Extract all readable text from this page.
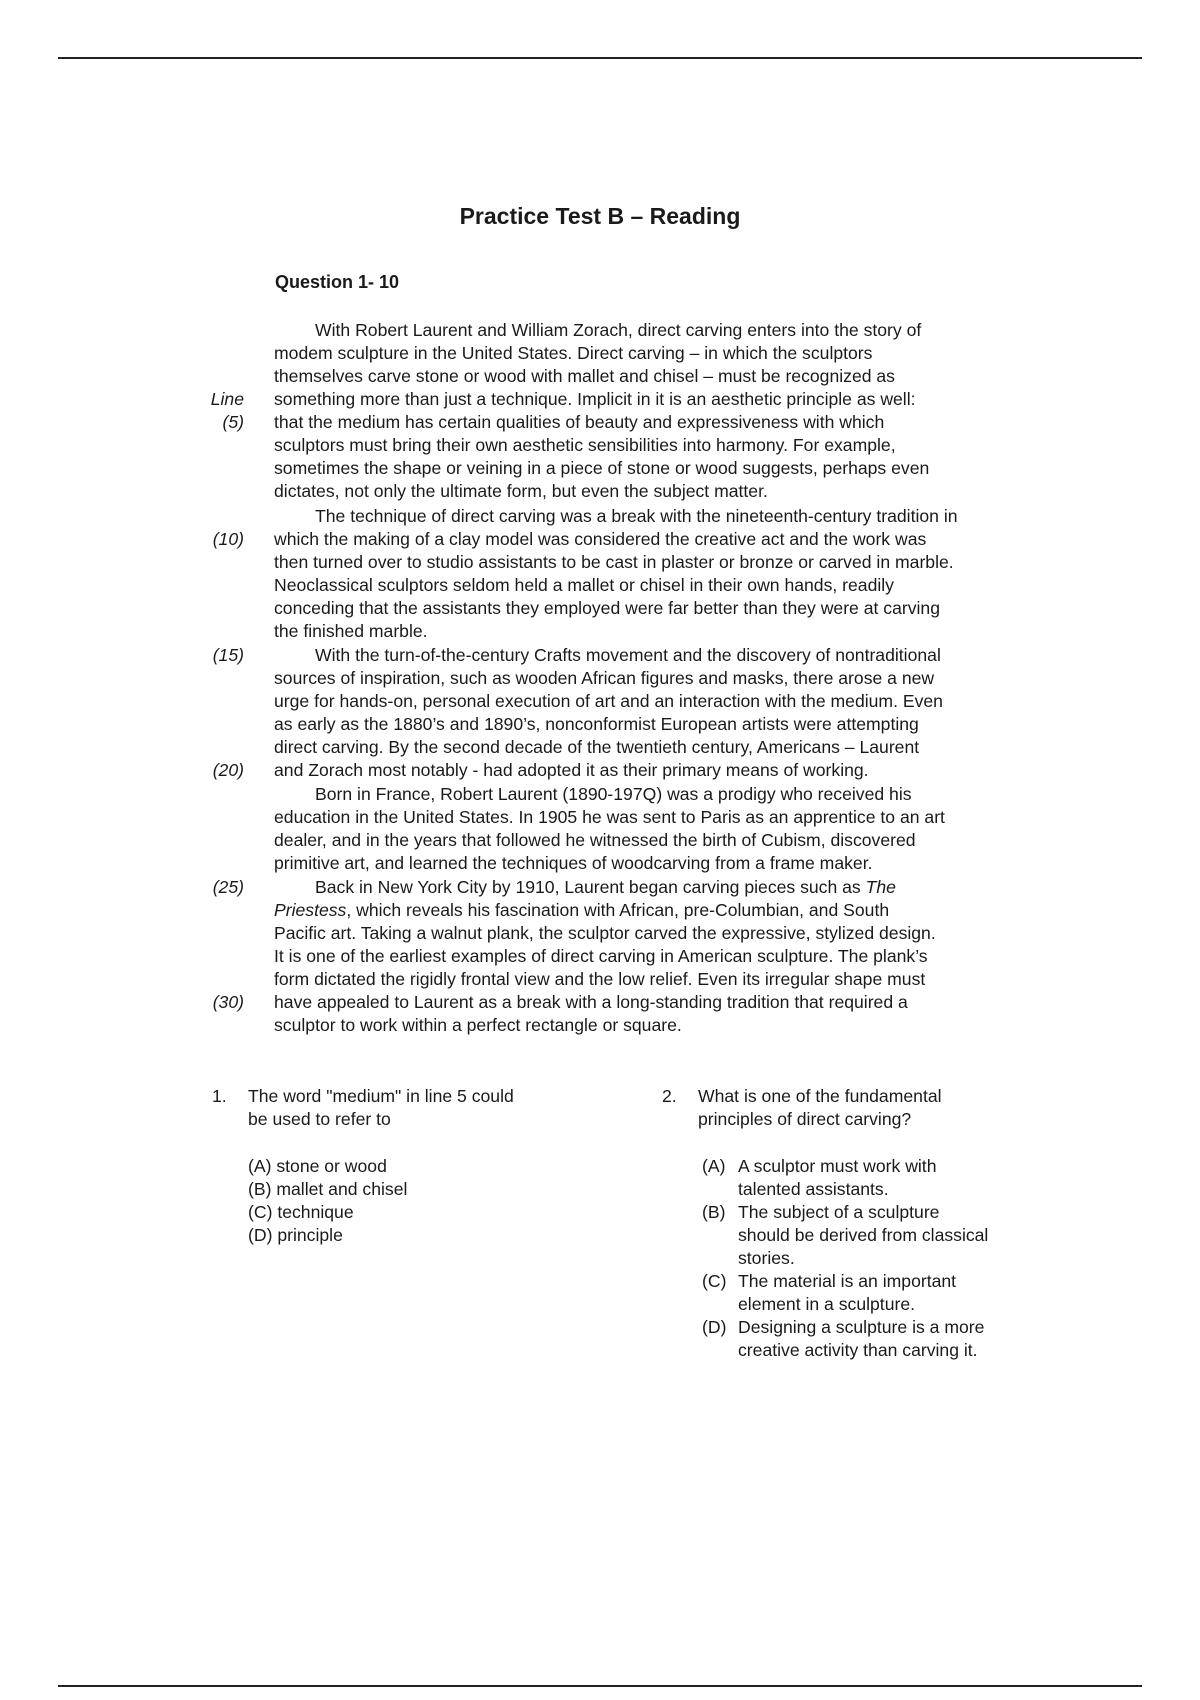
Practice Test B – Reading
Question 1- 10
With Robert Laurent and William Zorach, direct carving enters into the story of
modem sculpture in the United States. Direct carving – in which the sculptors
themselves carve stone or wood with mallet and chisel – must be recognized as
something more than just a technique. Implicit in it is an aesthetic principle as well:
that the medium has certain qualities of beauty and expressiveness with which
sculptors must bring their own aesthetic sensibilities into harmony. For example,
sometimes the shape or veining in a piece of stone or wood suggests, perhaps even
dictates, not only the ultimate form, but even the subject matter.
The technique of direct carving was a break with the nineteenth-century tradition in
which the making of a clay model was considered the creative act and the work was
then turned over to studio assistants to be cast in plaster or bronze or carved in marble.
Neoclassical sculptors seldom held a mallet or chisel in their own hands, readily
conceding that the assistants they employed were far better than they were at carving
the finished marble.
With the turn-of-the-century Crafts movement and the discovery of nontraditional
sources of inspiration, such as wooden African figures and masks, there arose a new
urge for hands-on, personal execution of art and an interaction with the medium. Even
as early as the 1880’s and 1890’s, nonconformist European artists were attempting
direct carving. By the second decade of the twentieth century, Americans – Laurent
and Zorach most notably - had adopted it as their primary means of working.
Born in France, Robert Laurent (1890-197Q) was a prodigy who received his
education in the United States. In 1905 he was sent to Paris as an apprentice to an art
dealer, and in the years that followed he witnessed the birth of Cubism, discovered
primitive art, and learned the techniques of woodcarving from a frame maker.
Back in New York City by 1910, Laurent began carving pieces such as The
Priestess, which reveals his fascination with African, pre-Columbian, and South
Pacific art. Taking a walnut plank, the sculptor carved the expressive, stylized design.
It is one of the earliest examples of direct carving in American sculpture. The plank’s
form dictated the rigidly frontal view and the low relief. Even its irregular shape must
have appealed to Laurent as a break with a long-standing tradition that required a
sculptor to work within a perfect rectangle or square.
Line
(5)
(10)
(15)
(20)
(25)
(30)
1. The word "medium" in line 5 could
be used to refer to
(A) stone or wood
(B) mallet and chisel
(C) technique
(D) principle
2. What is one of the fundamental
principles of direct carving?
(A) A sculptor must work with
talented assistants.
(B) The subject of a sculpture
should be derived from classical
stories.
(C) The material is an important
element in a sculpture.
(D) Designing a sculpture is a more
creative activity than carving it.
